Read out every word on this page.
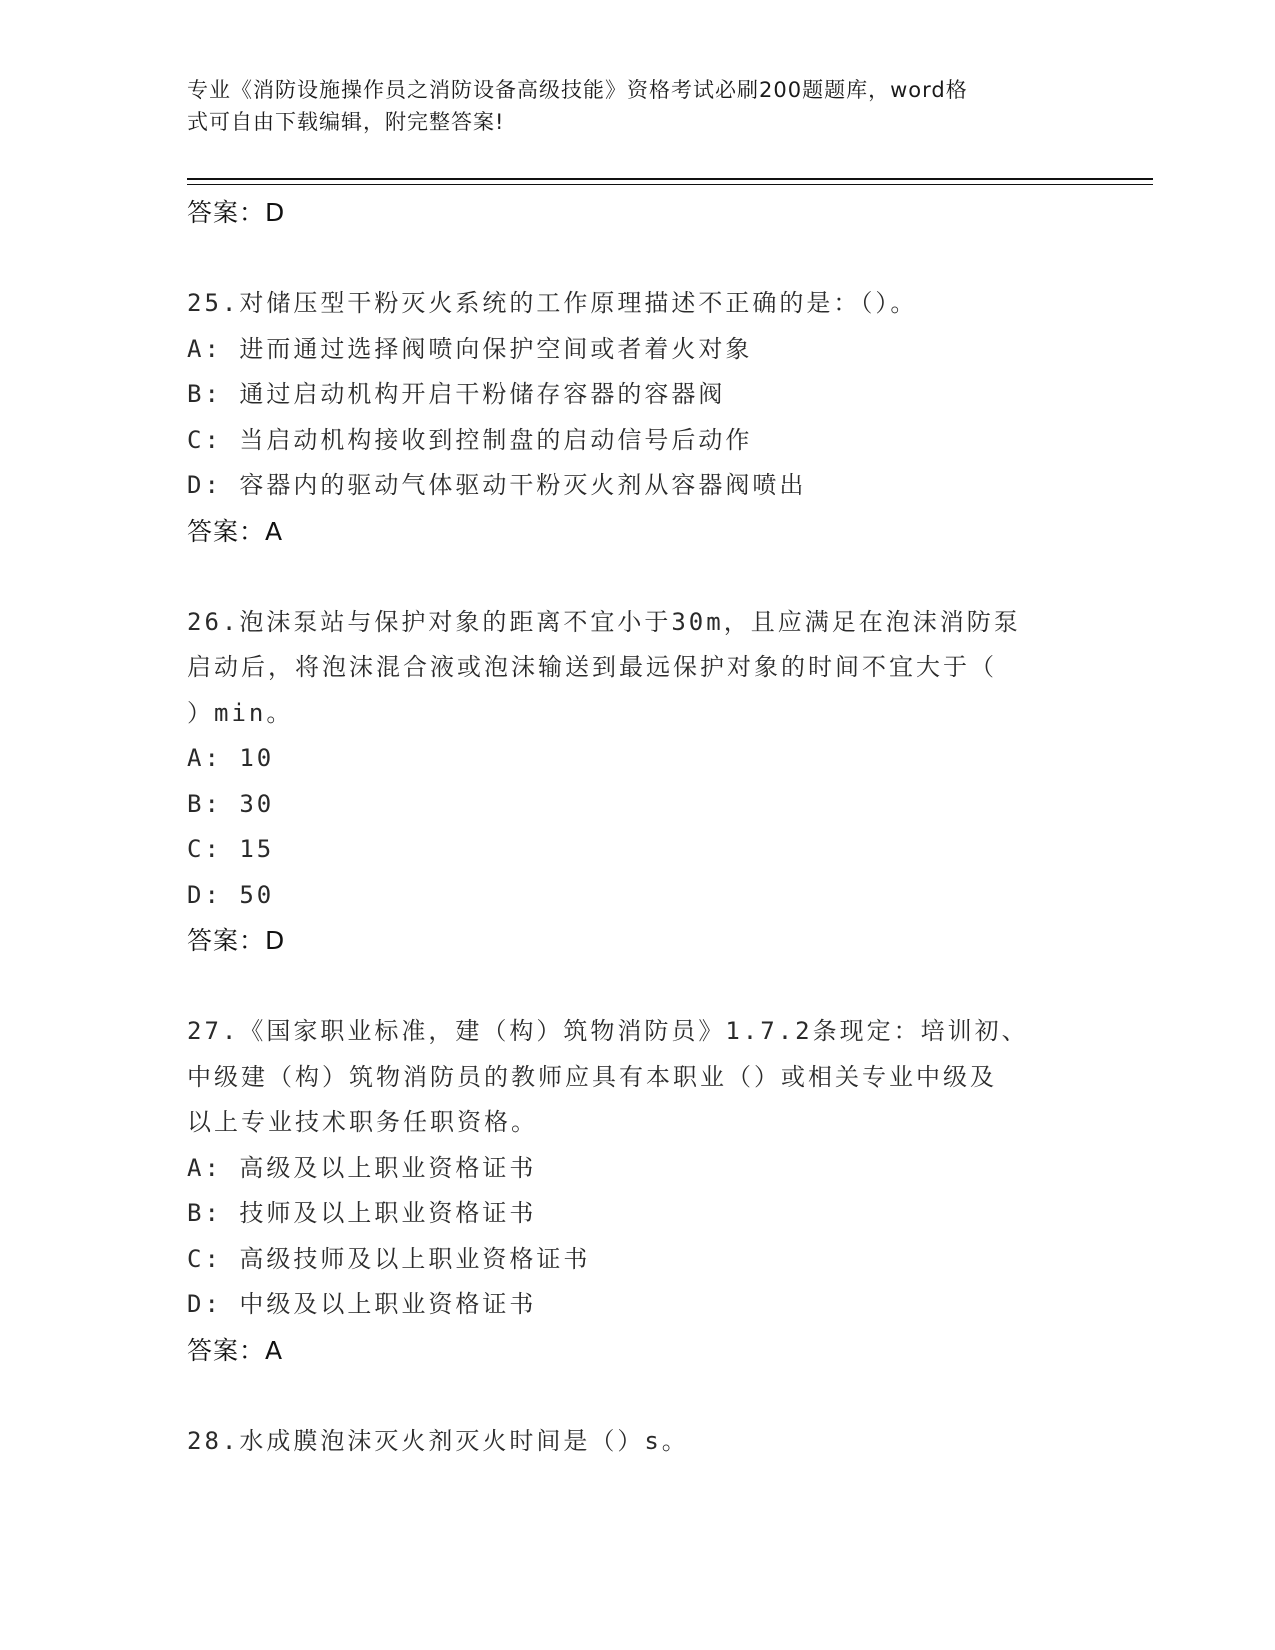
专业《消防设施操作员之消防设备高级技能》资格考试必刷200题题库，word格
式可自由下载编辑，附完整答案!
答案：D
25.对储压型干粉灭火系统的工作原理描述不正确的是：（）。
A: 进而通过选择阀喷向保护空间或者着火对象
B: 通过启动机构开启干粉储存容器的容器阀
C: 当启动机构接收到控制盘的启动信号后动作
D: 容器内的驱动气体驱动干粉灭火剂从容器阀喷出
答案：A
26.泡沫泵站与保护对象的距离不宜小于30m，且应满足在泡沫消防泵
启动后，将泡沫混合液或泡沫输送到最远保护对象的时间不宜大于（
）min。
A: 10
B: 30
C: 15
D: 50
答案：D
27.《国家职业标准，建（构）筑物消防员》1.7.2条现定：培训初、
中级建（构）筑物消防员的教师应具有本职业（）或相关专业中级及
以上专业技术职务任职资格。
A: 高级及以上职业资格证书
B: 技师及以上职业资格证书
C: 高级技师及以上职业资格证书
D: 中级及以上职业资格证书
答案：A
28.水成膜泡沫灭火剂灭火时间是（）s。
